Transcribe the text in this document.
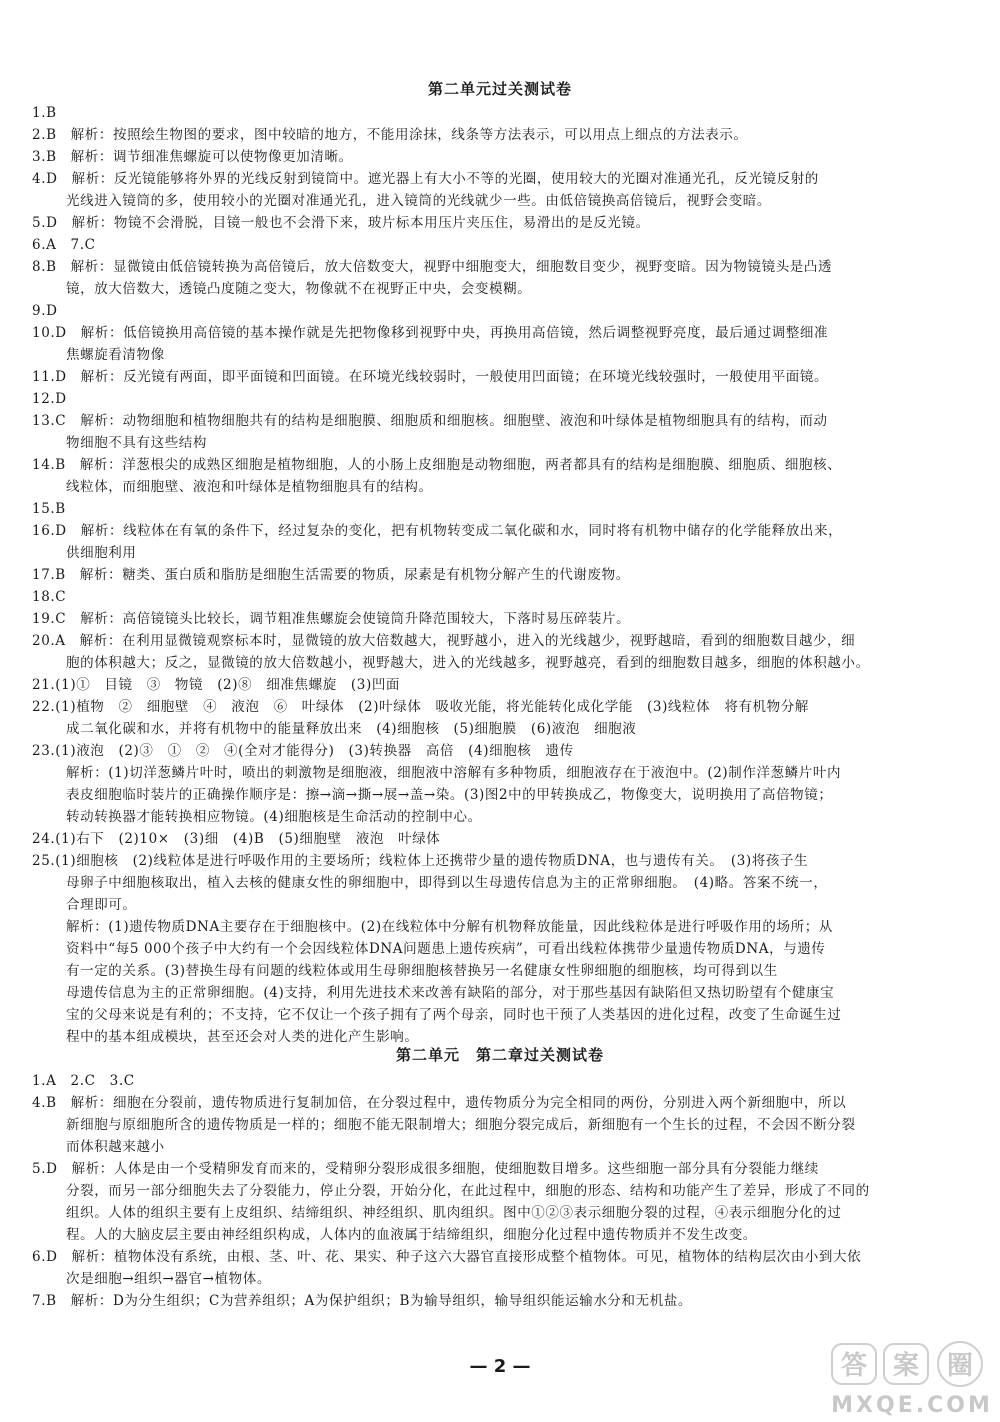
第二单元过关测试卷
1.B
2.B　解析：按照绘生物图的要求，图中较暗的地方，不能用涂抹，线条等方法表示，可以用点上细点的方法表示。
3.B　解析：调节细准焦螺旋可以使物像更加清晰。
4.D　解析：反光镜能够将外界的光线反射到镜筒中。遮光器上有大小不等的光圈，使用较大的光圈对准通光孔，反光镜反射的
光线进入镜筒的多，使用较小的光圈对准通光孔，进入镜筒的光线就少一些。由低倍镜换高倍镜后，视野会变暗。
5.D　解析：物镜不会滑脱，目镜一般也不会滑下来，玻片标本用压片夹压住，易滑出的是反光镜。
6.A　7.C
8.B　解析：显微镜由低倍镜转换为高倍镜后，放大倍数变大，视野中细胞变大，细胞数目变少，视野变暗。因为物镜镜头是凸透
镜，放大倍数大，透镜凸度随之变大，物像就不在视野正中央，会变模糊。
9.D
10.D　解析：低倍镜换用高倍镜的基本操作就是先把物像移到视野中央，再换用高倍镜，然后调整视野亮度，最后通过调整细准
焦螺旋看清物像
11.D　解析：反光镜有两面，即平面镜和凹面镜。在环境光线较弱时，一般使用凹面镜；在环境光线较强时，一般使用平面镜。
12.D
13.C　解析：动物细胞和植物细胞共有的结构是细胞膜、细胞质和细胞核。细胞壁、液泡和叶绿体是植物细胞具有的结构，而动
物细胞不具有这些结构
14.B　解析：洋葱根尖的成熟区细胞是植物细胞，人的小肠上皮细胞是动物细胞，两者都具有的结构是细胞膜、细胞质、细胞核、
线粒体，而细胞壁、液泡和叶绿体是植物细胞具有的结构。
15.B
16.D　解析：线粒体在有氧的条件下，经过复杂的变化，把有机物转变成二氧化碳和水，同时将有机物中储存的化学能释放出来，
供细胞利用
17.B　解析：糖类、蛋白质和脂肪是细胞生活需要的物质，尿素是有机物分解产生的代谢废物。
18.C
19.C　解析：高倍镜镜头比较长，调节粗准焦螺旋会使镜筒升降范围较大，下落时易压碎装片。
20.A　解析：在利用显微镜观察标本时，显微镜的放大倍数越大，视野越小，进入的光线越少，视野越暗，看到的细胞数目越少，细
胞的体积越大；反之，显微镜的放大倍数越小，视野越大，进入的光线越多，视野越亮，看到的细胞数目越多，细胞的体积越小。
21.(1)①　目镜　③　物镜　(2)⑧　细准焦螺旋　(3)凹面
22.(1)植物　②　细胞壁　④　液泡　⑥　叶绿体　(2)叶绿体　吸收光能，将光能转化成化学能　(3)线粒体　将有机物分解
成二氧化碳和水，并将有机物中的能量释放出来　(4)细胞核　(5)细胞膜　(6)液泡　细胞液
23.(1)液泡　(2)③　①　②　④(全对才能得分)　(3)转换器　高倍　(4)细胞核　遗传
解析：(1)切洋葱鳞片叶时，喷出的刺激物是细胞液，细胞液中溶解有多种物质，细胞液存在于液泡中。(2)制作洋葱鳞片叶内
表皮细胞临时装片的正确操作顺序是：擦→滴→撕→展→盖→染。(3)图2中的甲转换成乙，物像变大，说明换用了高倍物镜；
转动转换器才能转换相应物镜。(4)细胞核是生命活动的控制中心。
24.(1)右下　(2)10×　(3)细　(4)B　(5)细胞壁　液泡　叶绿体
25.(1)细胞核　(2)线粒体是进行呼吸作用的主要场所；线粒体上还携带少量的遗传物质DNA，也与遗传有关。　(3)将孩子生
母卵子中细胞核取出，植入去核的健康女性的卵细胞中，即得到以生母遗传信息为主的正常卵细胞。　(4)略。答案不统一，
合理即可。
解析：(1)遗传物质DNA主要存在于细胞核中。(2)在线粒体中分解有机物释放能量，因此线粒体是进行呼吸作用的场所；从
资料中“每5 000个孩子中大约有一个会因线粒体DNA问题患上遗传疾病”，可看出线粒体携带少量遗传物质DNA，与遗传
有一定的关系。(3)替换生母有问题的线粒体或用生母卵细胞核替换另一名健康女性卵细胞的细胞核，均可得到以生
母遗传信息为主的正常卵细胞。(4)支持，利用先进技术来改善有缺陷的部分，对于那些基因有缺陷但又热切盼望有个健康宝
宝的父母来说是有利的；不支持，它不仅让一个孩子拥有了两个母亲，同时也干预了人类基因的进化过程，改变了生命诞生过
程中的基本组成模块，甚至还会对人类的进化产生影响。
第二单元　第二章过关测试卷
1.A　2.C　3.C
4.B　解析：细胞在分裂前，遗传物质进行复制加倍，在分裂过程中，遗传物质分为完全相同的两份，分别进入两个新细胞中，所以
新细胞与原细胞所含的遗传物质是一样的；细胞不能无限制增大；细胞分裂完成后，新细胞有一个生长的过程，不会因不断分裂
而体积越来越小
5.D　解析：人体是由一个受精卵发育而来的，受精卵分裂形成很多细胞，使细胞数目增多。这些细胞一部分具有分裂能力继续
分裂，而另一部分细胞失去了分裂能力，停止分裂，开始分化，在此过程中，细胞的形态、结构和功能产生了差异，形成了不同的
组织。人体的组织主要有上皮组织、结缔组织、神经组织、肌肉组织。图中①②③表示细胞分裂的过程，④表示细胞分化的过
程。人的大脑皮层主要由神经组织构成，人体内的血液属于结缔组织，细胞分化过程中遗传物质并不发生改变。
6.D　解析：植物体没有系统，由根、茎、叶、花、果实、种子这六大器官直接形成整个植物体。可见，植物体的结构层次由小到大依
次是细胞→组织→器官→植物体。
7.B　解析：D为分生组织；C为营养组织；A为保护组织；B为输导组织，输导组织能运输水分和无机盐。
— 2 —	答 案 圈
MXQE.COM
